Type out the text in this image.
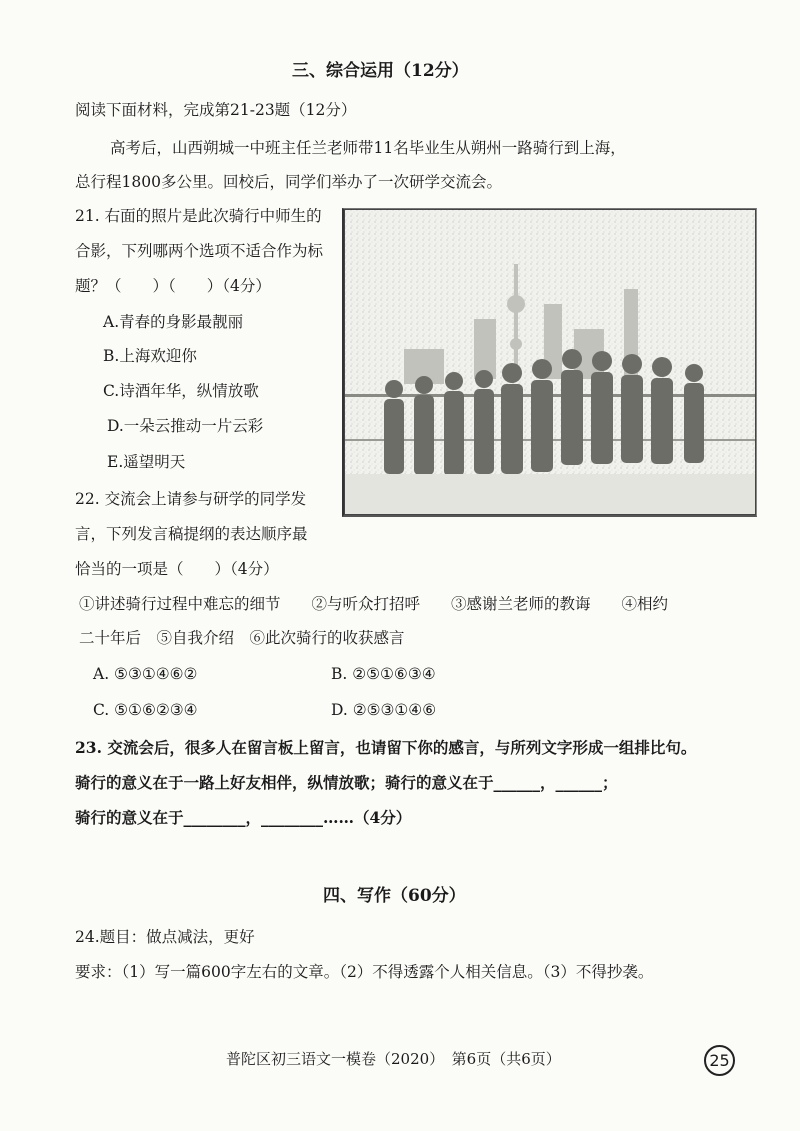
三、综合运用（12分）
阅读下面材料，完成第21-23题（12分）
高考后，山西朔城一中班主任兰老师带11名毕业生从朔州一路骑行到上海，
总行程1800多公里。回校后，同学们举办了一次研学交流会。
21. 右面的照片是此次骑行中师生的
合影，下列哪两个选项不适合作为标
题？（　　）（　　）（4分）
A.青春的身影最靓丽
B.上海欢迎你
C.诗酒年华，纵情放歌
D.一朵云推动一片云彩
E.遥望明天
22. 交流会上请参与研学的同学发
言，下列发言稿提纲的表达顺序最
恰当的一项是（　　）（4分）
①讲述骑行过程中难忘的细节　　②与听众打招呼　　③感谢兰老师的教诲　　④相约
二十年后　⑤自我介绍　⑥此次骑行的收获感言
A. ⑤③①④⑥②	B. ②⑤①⑥③④
C. ⑤①⑥②③④	D. ②⑤③①④⑥
23. 交流会后，很多人在留言板上留言，也请留下你的感言，与所列文字形成一组排比句。
骑行的意义在于一路上好友相伴，纵情放歌；骑行的意义在于______，______；
骑行的意义在于________，________……（4分）
四、写作（60分）
24.题目：做点减法，更好
要求：（1）写一篇600字左右的文章。（2）不得透露个人相关信息。（3）不得抄袭。
普陀区初三语文一模卷（2020）　第6页（共6页）	25
